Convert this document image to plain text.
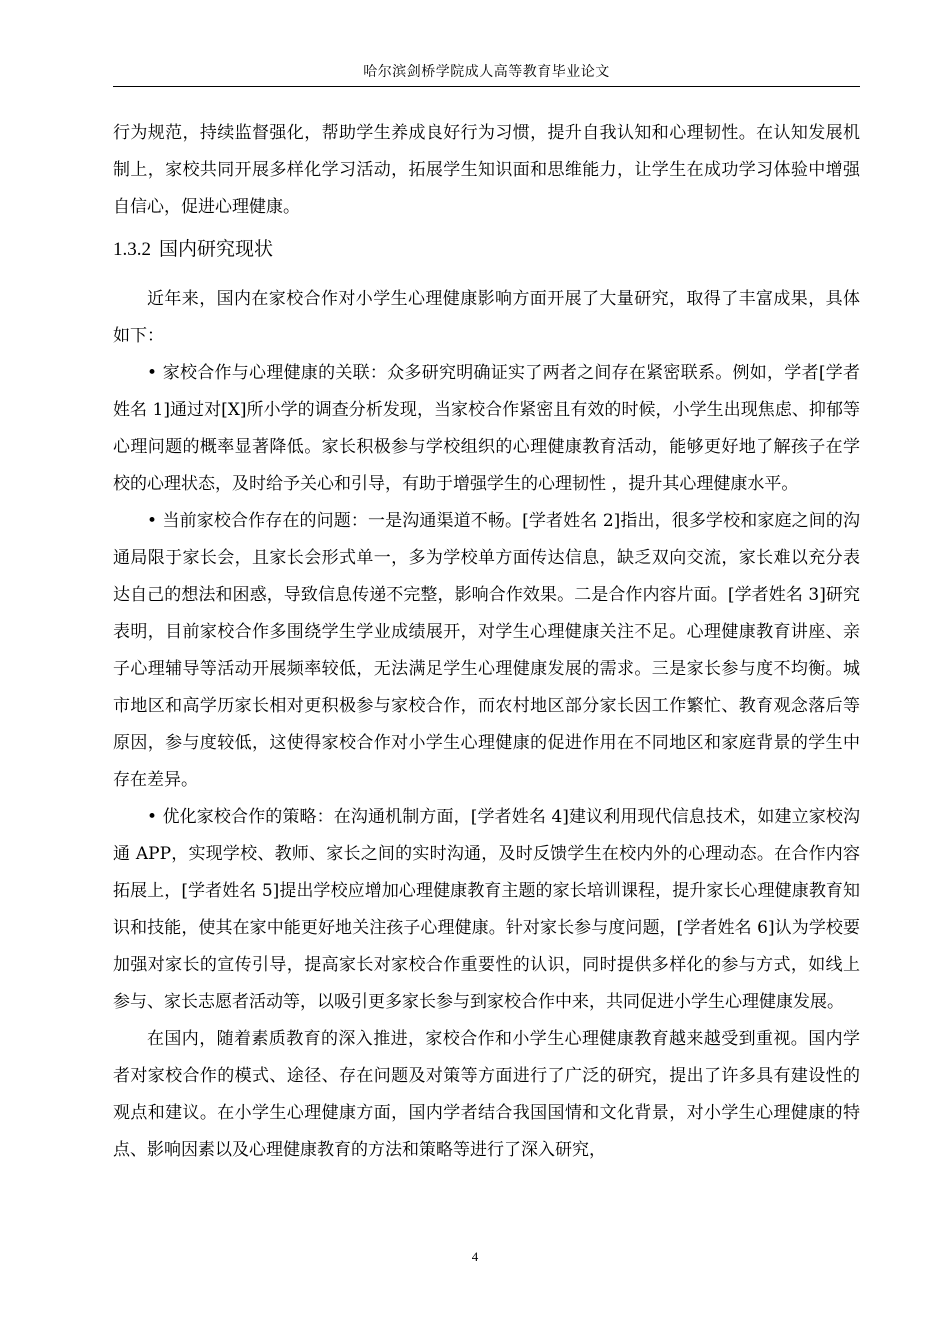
哈尔滨剑桥学院成人高等教育毕业论文

行为规范，持续监督强化，帮助学生养成良好行为习惯，提升自我认知和心理韧性。在认知发展机制上，家校共同开展多样化学习活动，拓展学生知识面和思维能力，让学生在成功学习体验中增强自信心，促进心理健康。

1.3.2 国内研究现状

近年来，国内在家校合作对小学生心理健康影响方面开展了大量研究，取得了丰富成果，具体如下：

• 家校合作与心理健康的关联：众多研究明确证实了两者之间存在紧密联系。例如，学者[学者姓名 1]通过对[X]所小学的调查分析发现，当家校合作紧密且有效的时候，小学生出现焦虑、抑郁等心理问题的概率显著降低。家长积极参与学校组织的心理健康教育活动，能够更好地了解孩子在学校的心理状态，及时给予关心和引导，有助于增强学生的心理韧性 ，提升其心理健康水平。

• 当前家校合作存在的问题：一是沟通渠道不畅。[学者姓名 2]指出，很多学校和家庭之间的沟通局限于家长会，且家长会形式单一，多为学校单方面传达信息，缺乏双向交流，家长难以充分表达自己的想法和困惑，导致信息传递不完整，影响合作效果。二是合作内容片面。[学者姓名 3]研究表明，目前家校合作多围绕学生学业成绩展开，对学生心理健康关注不足。心理健康教育讲座、亲子心理辅导等活动开展频率较低，无法满足学生心理健康发展的需求。三是家长参与度不均衡。城市地区和高学历家长相对更积极参与家校合作，而农村地区部分家长因工作繁忙、教育观念落后等原因，参与度较低，这使得家校合作对小学生心理健康的促进作用在不同地区和家庭背景的学生中存在差异。

• 优化家校合作的策略：在沟通机制方面，[学者姓名 4]建议利用现代信息技术，如建立家校沟通 APP，实现学校、教师、家长之间的实时沟通，及时反馈学生在校内外的心理动态。在合作内容拓展上，[学者姓名 5]提出学校应增加心理健康教育主题的家长培训课程，提升家长心理健康教育知识和技能，使其在家中能更好地关注孩子心理健康。针对家长参与度问题，[学者姓名 6]认为学校要加强对家长的宣传引导，提高家长对家校合作重要性的认识，同时提供多样化的参与方式，如线上参与、家长志愿者活动等，以吸引更多家长参与到家校合作中来，共同促进小学生心理健康发展。

在国内，随着素质教育的深入推进，家校合作和小学生心理健康教育越来越受到重视。国内学者对家校合作的模式、途径、存在问题及对策等方面进行了广泛的研究，提出了许多具有建设性的观点和建议。在小学生心理健康方面，国内学者结合我国国情和文化背景，对小学生心理健康的特点、影响因素以及心理健康教育的方法和策略等进行了深入研究，

4
